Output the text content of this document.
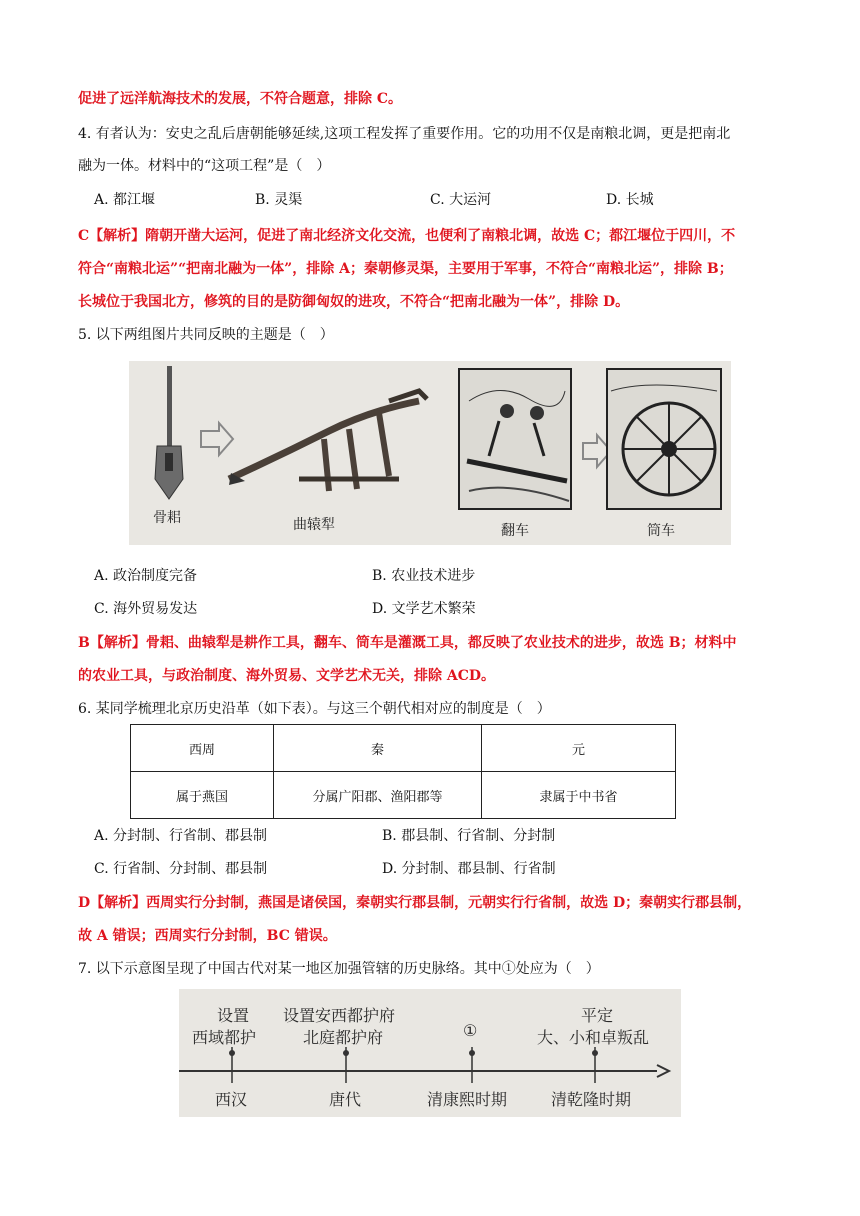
促进了远洋航海技术的发展，不符合题意，排除 C。
4. 有者认为：安史之乱后唐朝能够延续,这项工程发挥了重要作用。它的功用不仅是南粮北调，更是把南北
融为一体。材料中的“这项工程”是（　）
A. 都江堰	B. 灵渠	C. 大运河	D. 长城
C【解析】隋朝开凿大运河，促进了南北经济文化交流，也便利了南粮北调，故选 C；都江堰位于四川，不
符合“南粮北运”“把南北融为一体”，排除 A；秦朝修灵渠，主要用于军事，不符合“南粮北运”，排除 B；
长城位于我国北方，修筑的目的是防御匈奴的进攻，不符合“把南北融为一体”，排除 D。
5. 以下两组图片共同反映的主题是（　）
骨耜	曲辕犁	翻车	筒车
A. 政治制度完备	B. 农业技术进步
C. 海外贸易发达	D. 文学艺术繁荣
B【解析】骨耜、曲辕犁是耕作工具，翻车、筒车是灌溉工具，都反映了农业技术的进步，故选 B；材料中
的农业工具，与政治制度、海外贸易、文学艺术无关，排除 ACD。
6. 某同学梳理北京历史沿革（如下表）。与这三个朝代相对应的制度是（　）
西周	秦	元
属于燕国	分属广阳郡、渔阳郡等	隶属于中书省
A. 分封制、行省制、郡县制	B. 郡县制、行省制、分封制
C. 行省制、分封制、郡县制	D. 分封制、郡县制、行省制
D【解析】西周实行分封制，燕国是诸侯国，秦朝实行郡县制，元朝实行行省制，故选 D；秦朝实行郡县制，
故 A 错误；西周实行分封制，BC 错误。
7. 以下示意图呈现了中国古代对某一地区加强管辖的历史脉络。其中①处应为（　）
设置
西域都护
设置安西都护府
北庭都护府	①
平定
大、小和卓叛乱
西汉	唐代	清康熙时期	清乾隆时期
